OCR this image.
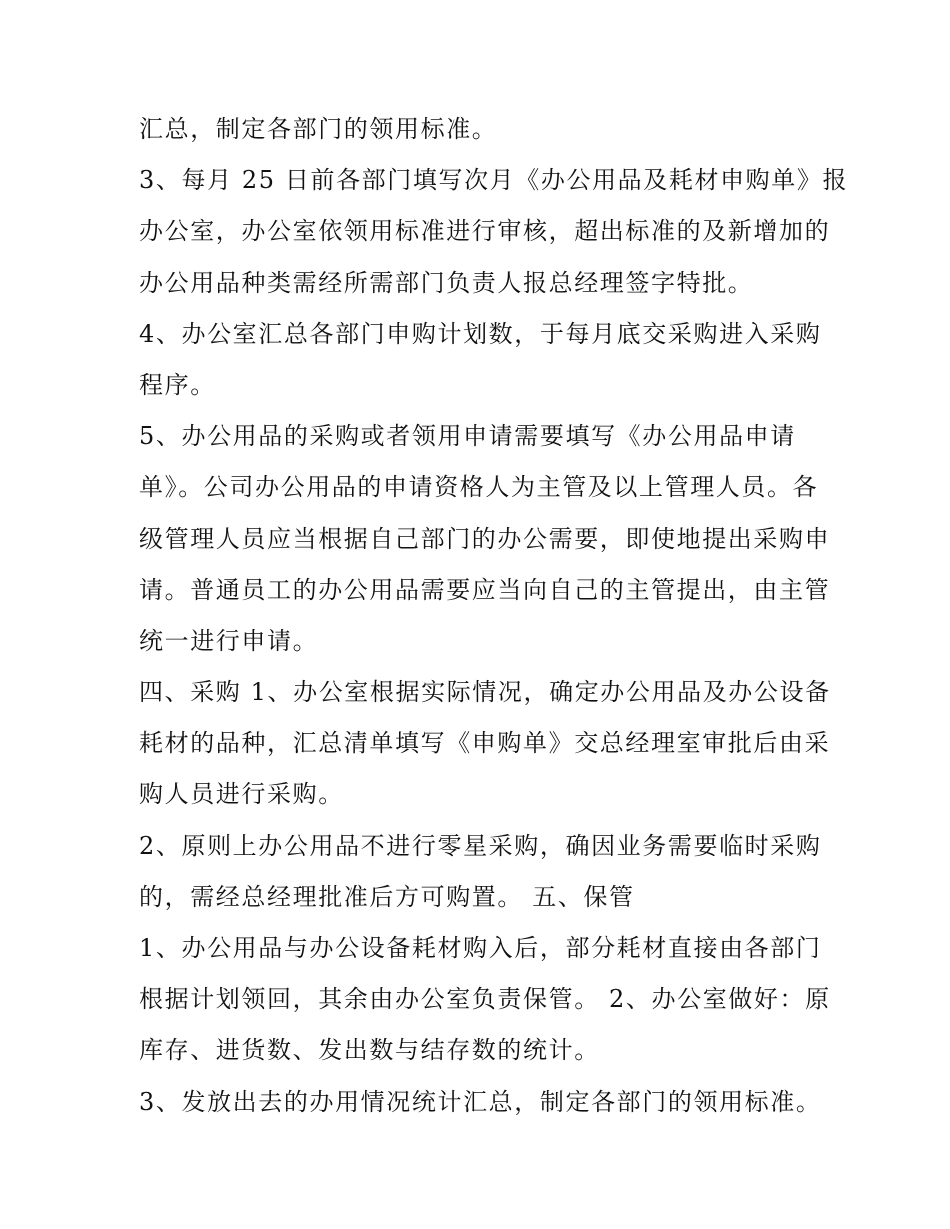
汇总，制定各部门的领用标准。
3、每月 25 日前各部门填写次月《办公用品及耗材申购单》报
办公室，办公室依领用标准进行审核，超出标准的及新增加的
办公用品种类需经所需部门负责人报总经理签字特批。
4、办公室汇总各部门申购计划数，于每月底交采购进入采购
程序。
5、办公用品的采购或者领用申请需要填写《办公用品申请
单》。公司办公用品的申请资格人为主管及以上管理人员。各
级管理人员应当根据自己部门的办公需要，即使地提出采购申
请。普通员工的办公用品需要应当向自己的主管提出，由主管
统一进行申请。
四、采购 1、办公室根据实际情况，确定办公用品及办公设备
耗材的品种，汇总清单填写《申购单》交总经理室审批后由采
购人员进行采购。
2、原则上办公用品不进行零星采购，确因业务需要临时采购
的，需经总经理批准后方可购置。 五、保管
1、办公用品与办公设备耗材购入后，部分耗材直接由各部门
根据计划领回，其余由办公室负责保管。 2、办公室做好：原
库存、进货数、发出数与结存数的统计。
3、发放出去的办用情况统计汇总，制定各部门的领用标准。
